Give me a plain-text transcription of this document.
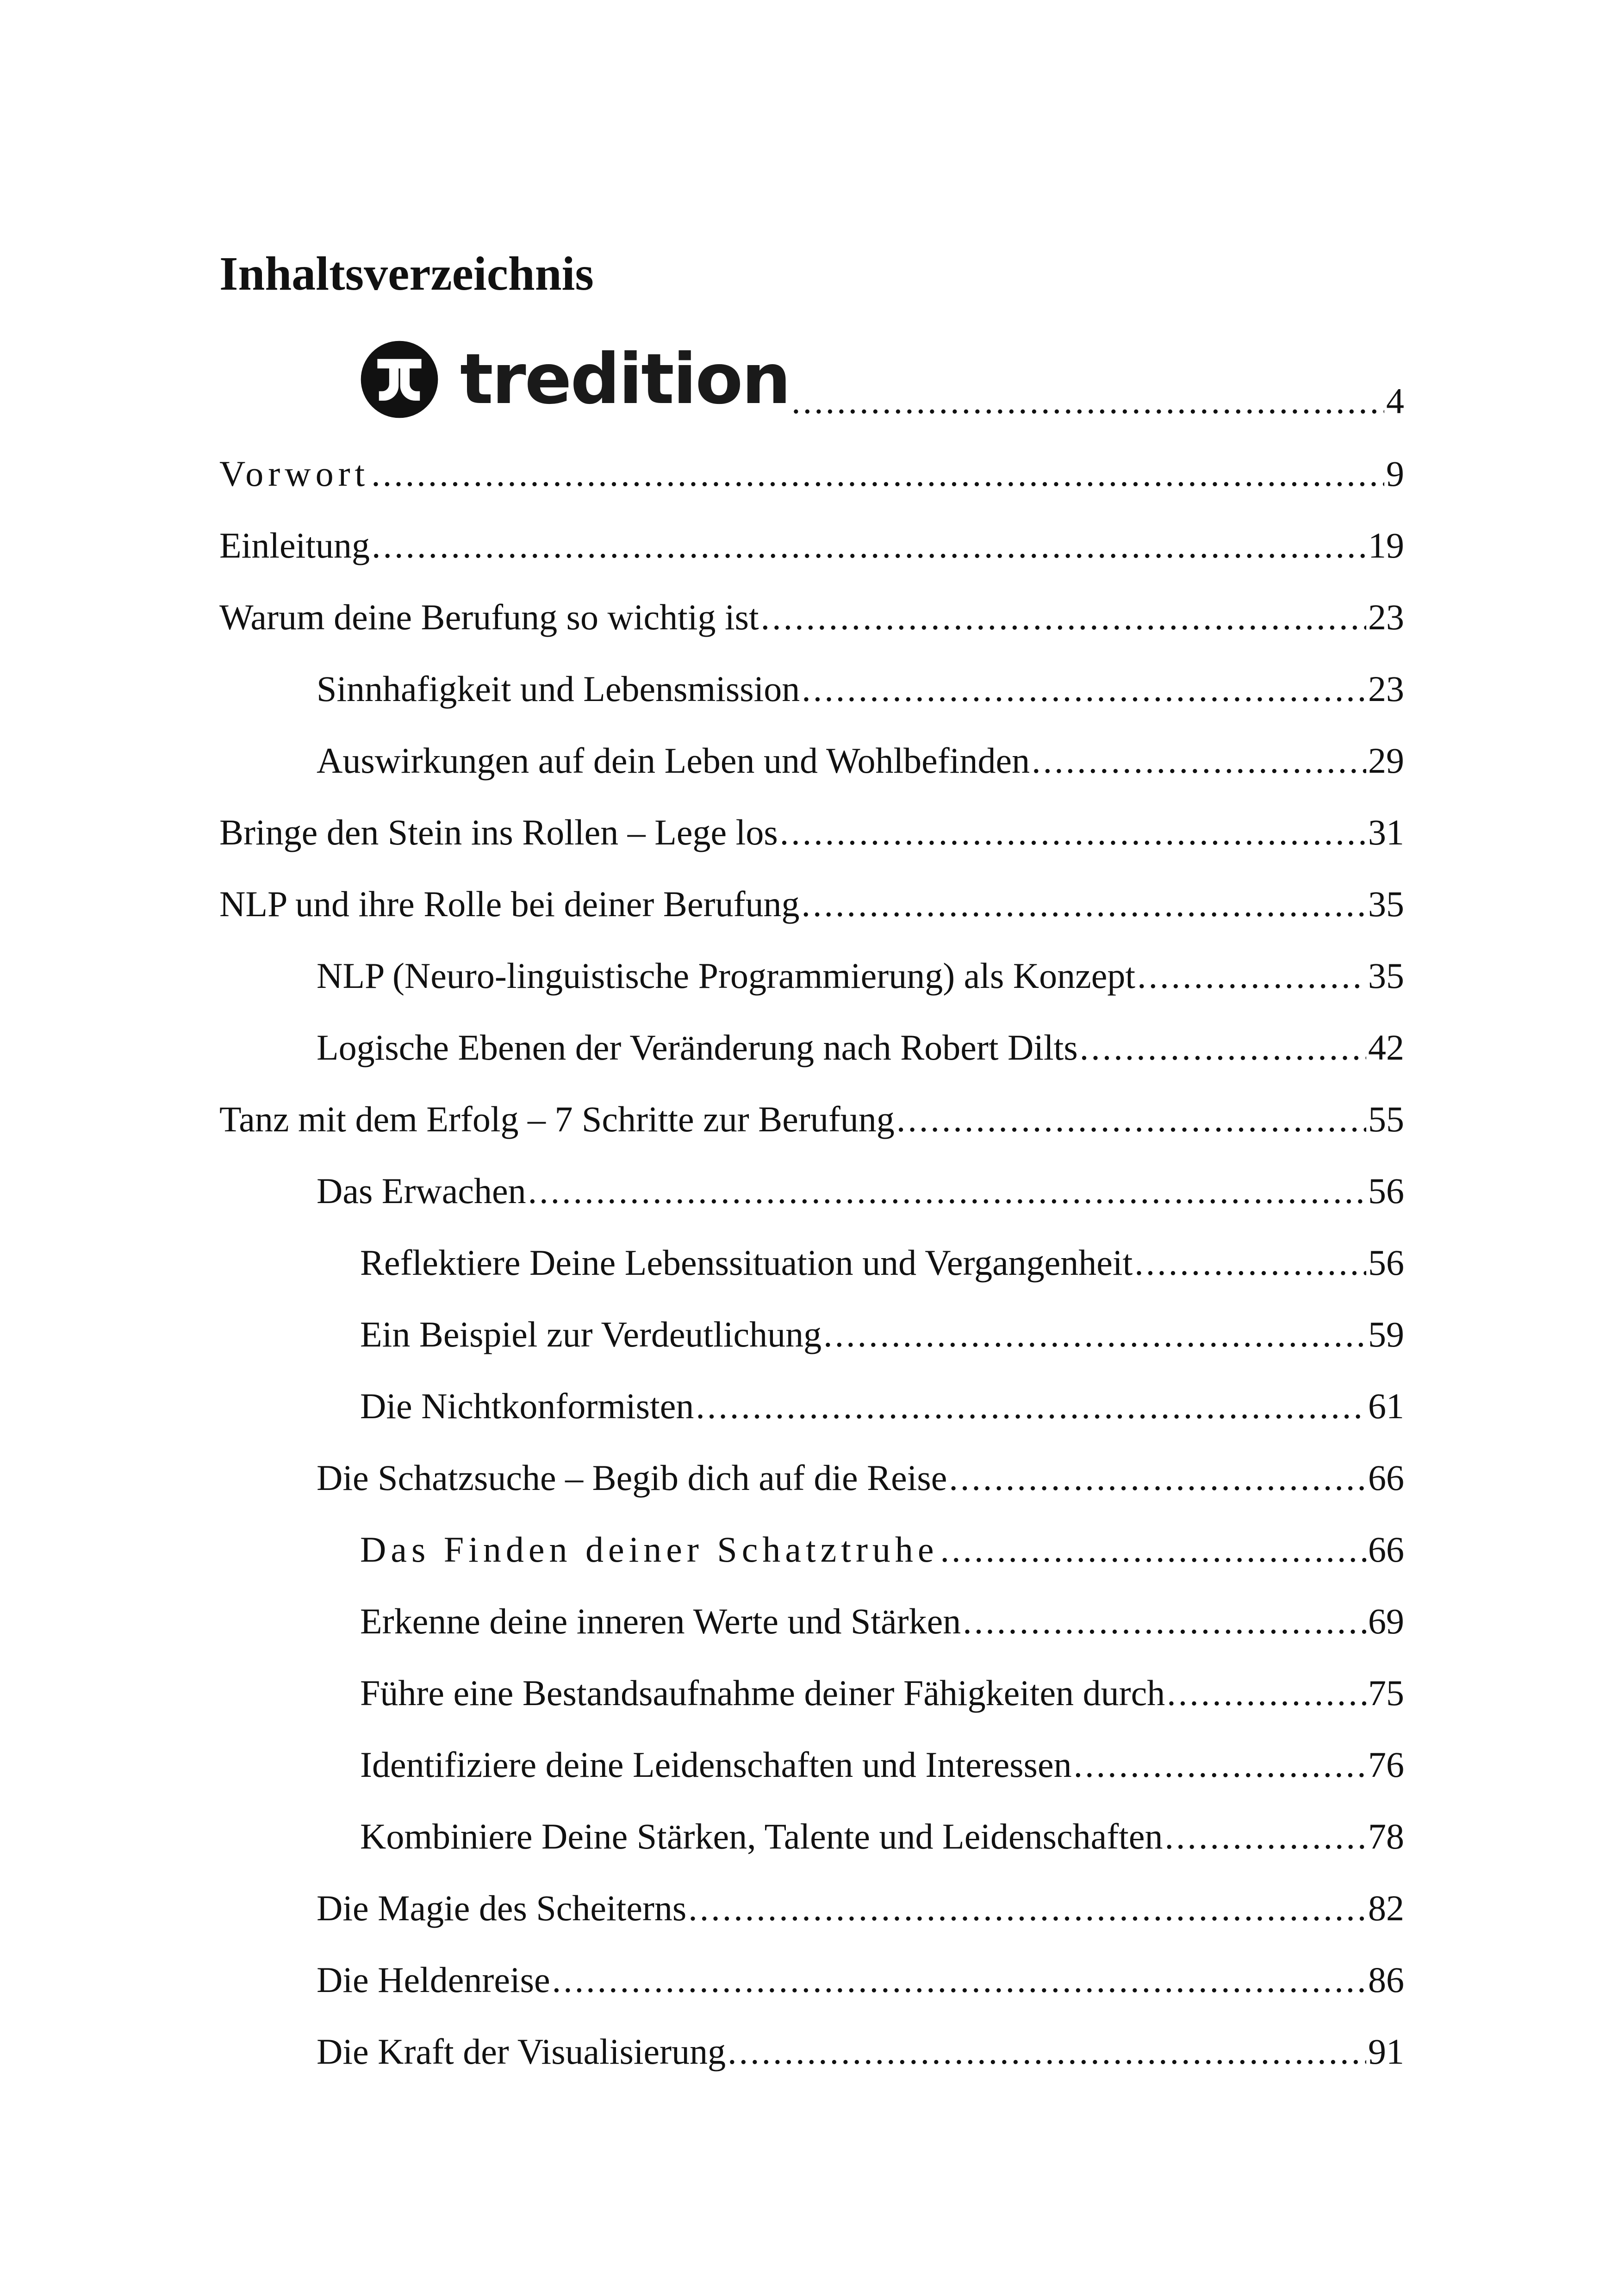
Inhaltsverzeichnis
tredition .....	4
Vorwort .....	9
Einleitung .....	19
Warum deine Berufung so wichtig ist .....	23
Sinnhafigkeit und Lebensmission .....	23
Auswirkungen auf dein Leben und Wohlbefinden .....	29
Bringe den Stein ins Rollen – Lege los .....	31
NLP und ihre Rolle bei deiner Berufung .....	35
NLP (Neuro-linguistische Programmierung) als Konzept .....	35
Logische Ebenen der Veränderung nach Robert Dilts .....	42
Tanz mit dem Erfolg – 7 Schritte zur Berufung .....	55
Das Erwachen .....	56
Reflektiere Deine Lebenssituation und Vergangenheit .....	56
Ein Beispiel zur Verdeutlichung .....	59
Die Nichtkonformisten .....	61
Die Schatzsuche – Begib dich auf die Reise .....	66
Das Finden deiner Schatztruhe .....	66
Erkenne deine inneren Werte und Stärken .....	69
Führe eine Bestandsaufnahme deiner Fähigkeiten durch .....	75
Identifiziere deine Leidenschaften und Interessen .....	76
Kombiniere Deine Stärken, Talente und Leidenschaften .....	78
Die Magie des Scheiterns .....	82
Die Heldenreise .....	86
Die Kraft der Visualisierung .....	91
